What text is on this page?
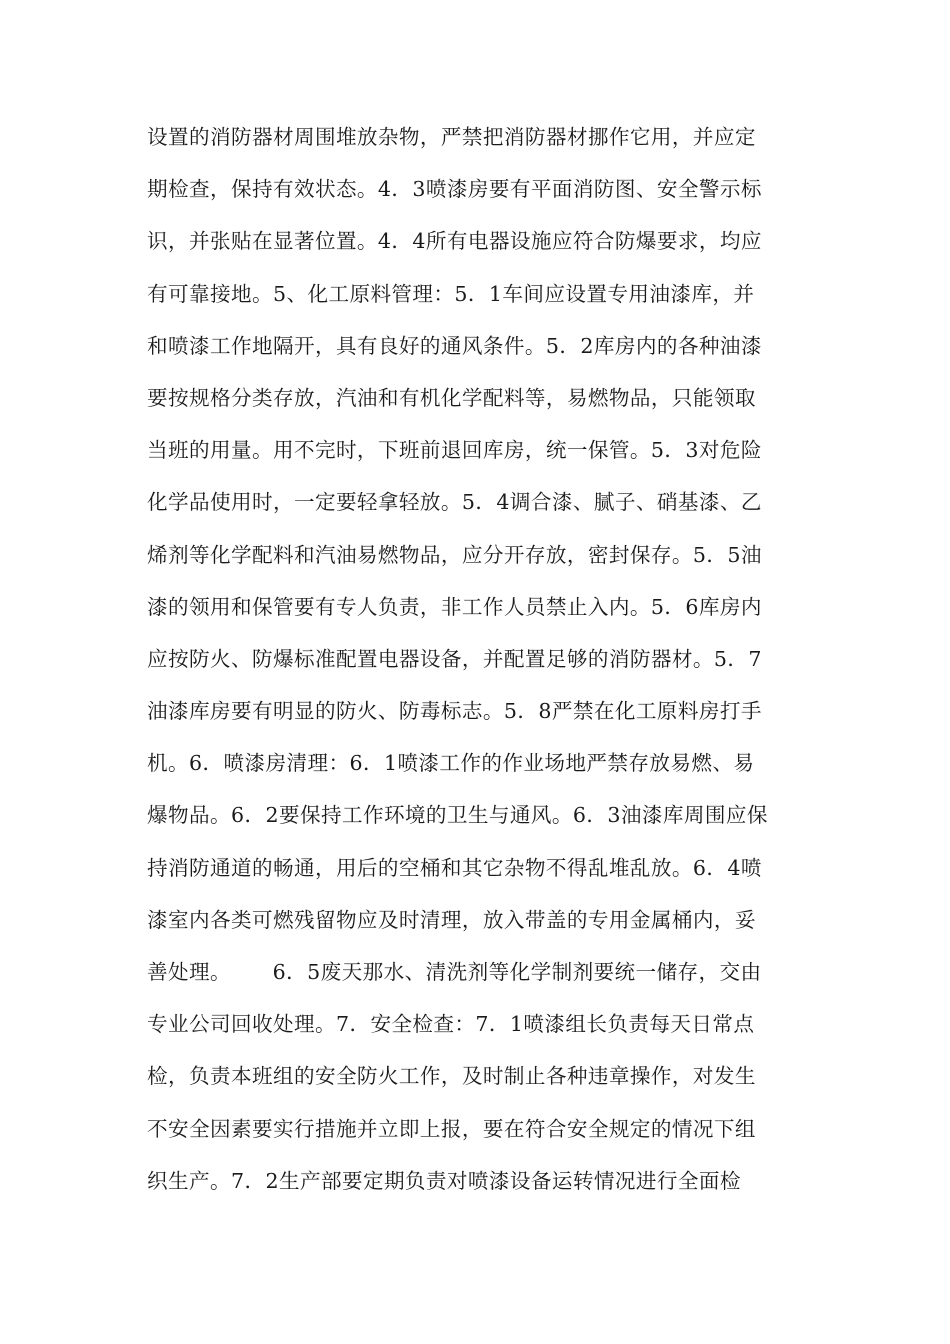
设置的消防器材周围堆放杂物，严禁把消防器材挪作它用，并应定
期检查，保持有效状态。4．3喷漆房要有平面消防图、安全警示标
识，并张贴在显著位置。4．4所有电器设施应符合防爆要求，均应
有可靠接地。5、化工原料管理：5．1车间应设置专用油漆库，并
和喷漆工作地隔开，具有良好的通风条件。5．2库房内的各种油漆
要按规格分类存放，汽油和有机化学配料等，易燃物品，只能领取
当班的用量。用不完时，下班前退回库房，统一保管。5．3对危险
化学品使用时，一定要轻拿轻放。5．4调合漆、腻子、硝基漆、乙
烯剂等化学配料和汽油易燃物品，应分开存放，密封保存。5．5油
漆的领用和保管要有专人负责，非工作人员禁止入内。5．6库房内
应按防火、防爆标准配置电器设备，并配置足够的消防器材。5．7
油漆库房要有明显的防火、防毒标志。5．8严禁在化工原料房打手
机。6．喷漆房清理：6．1喷漆工作的作业场地严禁存放易燃、易
爆物品。6．2要保持工作环境的卫生与通风。6．3油漆库周围应保
持消防通道的畅通，用后的空桶和其它杂物不得乱堆乱放。6．4喷
漆室内各类可燃残留物应及时清理，放入带盖的专用金属桶内，妥
善处理。      6．5废天那水、清洗剂等化学制剂要统一储存，交由
专业公司回收处理。7．安全检查：7．1喷漆组长负责每天日常点
检，负责本班组的安全防火工作，及时制止各种违章操作，对发生
不安全因素要实行措施并立即上报，要在符合安全规定的情况下组
织生产。7．2生产部要定期负责对喷漆设备运转情况进行全面检
